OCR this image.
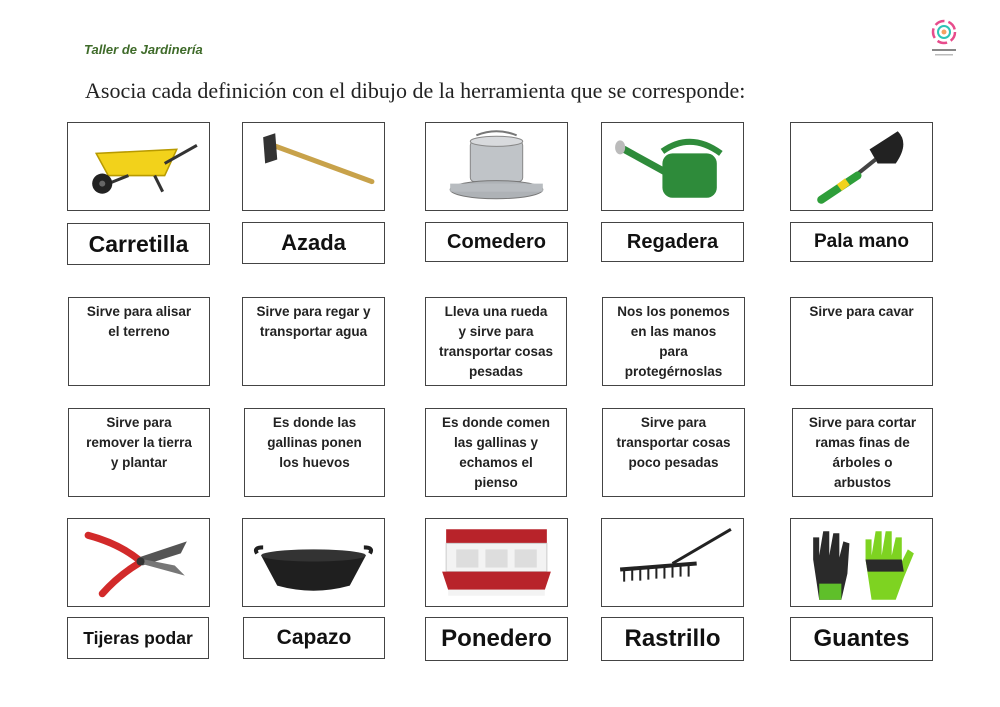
Taller de Jardinería
Asocia cada definición con el dibujo de la herramienta que se corresponde:
Carretilla	Azada	Comedero	Regadera	Pala mano
Sirve para alisar
el terreno
Sirve para regar y
transportar agua
Lleva una rueda
y sirve para
transportar cosas
pesadas
Nos los ponemos
en las manos
para
protegérnoslas
Sirve para cavar
Sirve para
remover la tierra
y plantar
Es donde las
gallinas ponen
los huevos
Es donde comen
las gallinas y
echamos el
pienso
Sirve para
transportar cosas
poco pesadas
Sirve para cortar
ramas finas de
árboles o
arbustos
Tijeras podar	Capazo	Ponedero	Rastrillo	Guantes
